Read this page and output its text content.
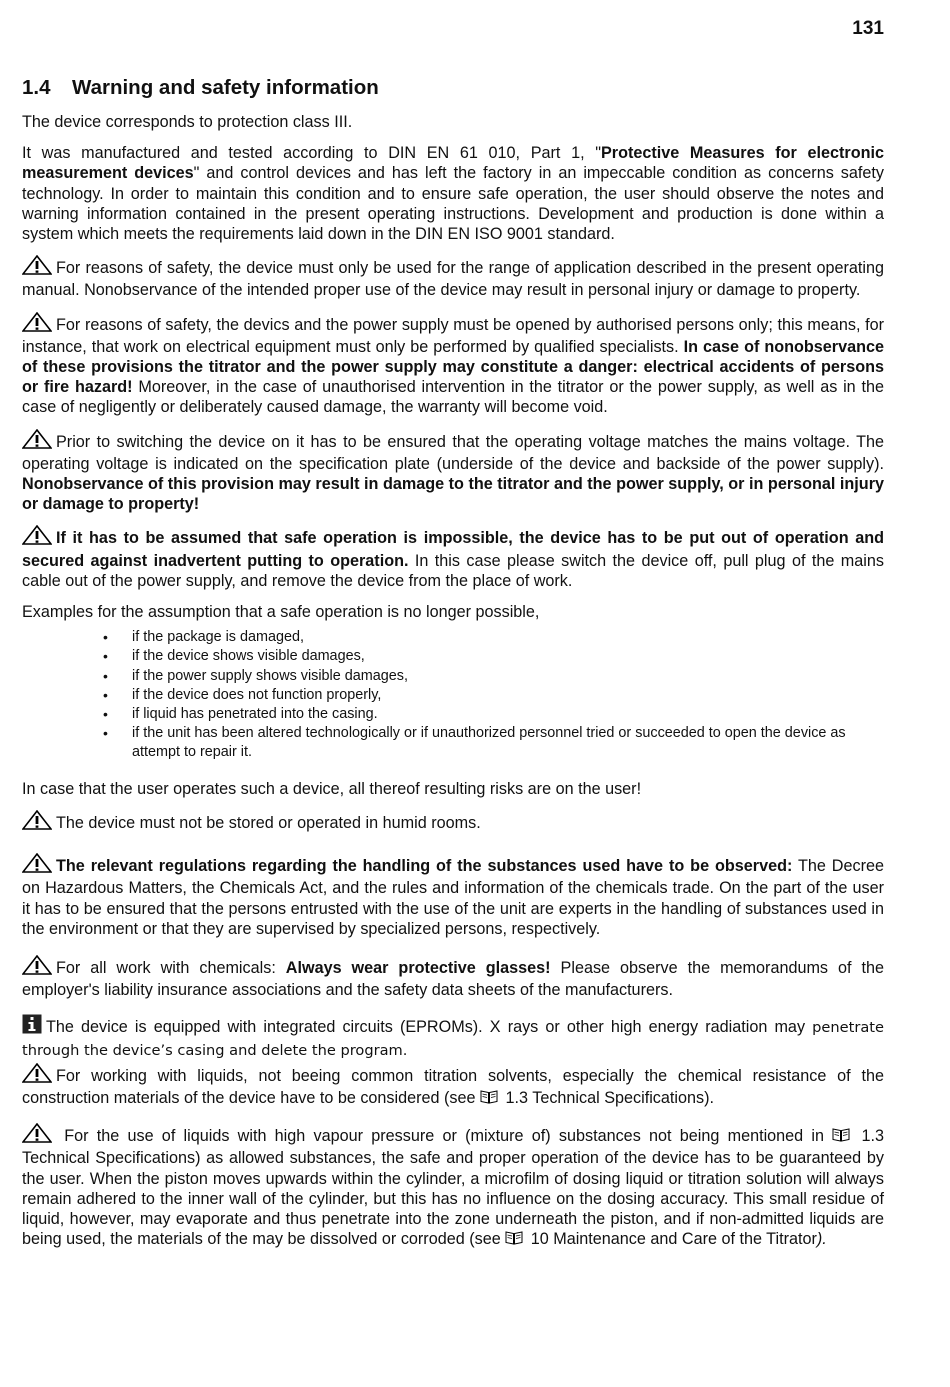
131
1.4 Warning and safety information

The device corresponds to protection class III.

It was manufactured and tested according to DIN EN 61 010, Part 1, "Protective Measures for electronic measurement devices" and control devices and has left the factory in an impeccable condition as concerns safety technology. In order to maintain this condition and to ensure safe operation, the user should observe the notes and warning information contained in the present operating instructions. Development and production is done within a system which meets the requirements laid down in the DIN EN ISO 9001 standard.

For reasons of safety, the device must only be used for the range of application described in the present operating manual. Nonobservance of the intended proper use of the device may result in personal injury or damage to property.

For reasons of safety, the devics and the power supply must be opened by authorised persons only; this means, for instance, that work on electrical equipment must only be performed by qualified specialists. In case of nonobservance of these provisions the titrator and the power supply may constitute a danger: electrical accidents of persons or fire hazard! Moreover, in the case of unauthorised intervention in the titrator or the power supply, as well as in the case of negligently or deliberately caused damage, the warranty will become void.

Prior to switching the device on it has to be ensured that the operating voltage matches the mains voltage. The operating voltage is indicated on the specification plate (underside of the device and backside of the power supply). Nonobservance of this provision may result in damage to the titrator and the power supply, or in personal injury or damage to property!

If it has to be assumed that safe operation is impossible, the device has to be put out of operation and secured against inadvertent putting to operation. In this case please switch the device off, pull plug of the mains cable out of the power supply, and remove the device from the place of work.

Examples for the assumption that a safe operation is no longer possible,

• if the package is damaged,
• if the device shows visible damages,
• if the power supply shows visible damages,
• if the device does not function properly,
• if liquid has penetrated into the casing.
• if the unit has been altered technologically or if unauthorized personnel tried or succeeded to open the device as attempt to repair it.

In case that the user operates such a device, all thereof resulting risks are on the user!

The device must not be stored or operated in humid rooms.

The relevant regulations regarding the handling of the substances used have to be observed: The Decree on Hazardous Matters, the Chemicals Act, and the rules and information of the chemicals trade. On the part of the user it has to be ensured that the persons entrusted with the use of the unit are experts in the handling of substances used in the environment or that they are supervised by specialized persons, respectively.

For all work with chemicals: Always wear protective glasses! Please observe the memorandums of the employer's liability insurance associations and the safety data sheets of the manufacturers.

The device is equipped with integrated circuits (EPROMs). X rays or other high energy radiation may penetrate through the device’s casing and delete the program.

For working with liquids, not beeing common titration solvents, especially the chemical resistance of the construction materials of the device have to be considered (see  1.3 Technical Specifications).

For the use of liquids with high vapour pressure or (mixture of) substances not being mentioned in  1.3 Technical Specifications) as allowed substances, the safe and proper operation of the device has to be guaranteed by the user. When the piston moves upwards within the cylinder, a microfilm of dosing liquid or titration solution will always remain adhered to the inner wall of the cylinder, but this has no influence on the dosing accuracy. This small residue of liquid, however, may evaporate and thus penetrate into the zone underneath the piston, and if non-admitted liquids are being used, the materials of the may be dissolved or corroded (see  10 Maintenance and Care of the Titrator).
